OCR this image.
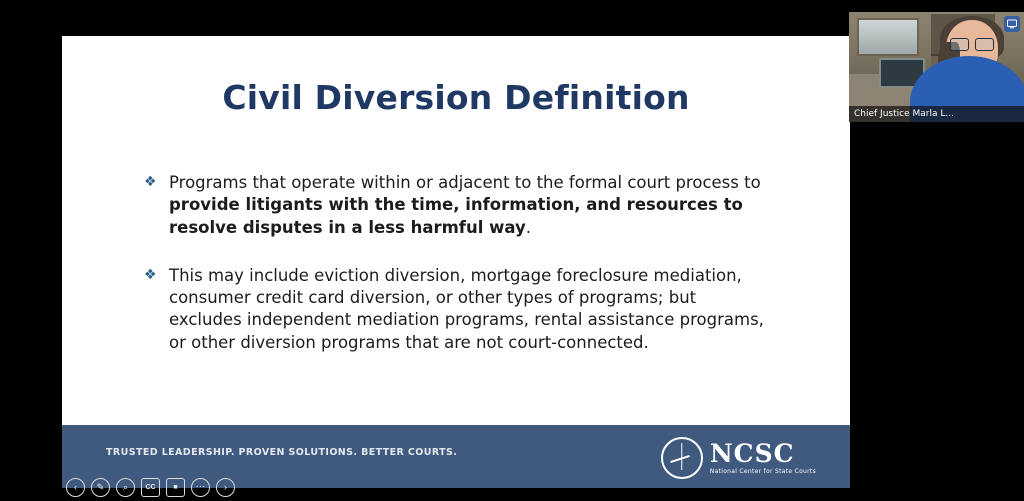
Civil Diversion Definition
❖ Programs that operate within or adjacent to the formal court process to provide litigants with the time, information, and resources to resolve disputes in a less harmful way.
❖ This may include eviction diversion, mortgage foreclosure mediation, consumer credit card diversion, or other types of programs; but excludes independent mediation programs, rental assistance programs, or other diversion programs that are not court-connected.
TRUSTED LEADERSHIP. PROVEN SOLUTIONS. BETTER COURTS.	NCSC
National Center for State Courts
‹ ✎ ⌕ CC	■ ··· ›
Chief Justice Marla L...
